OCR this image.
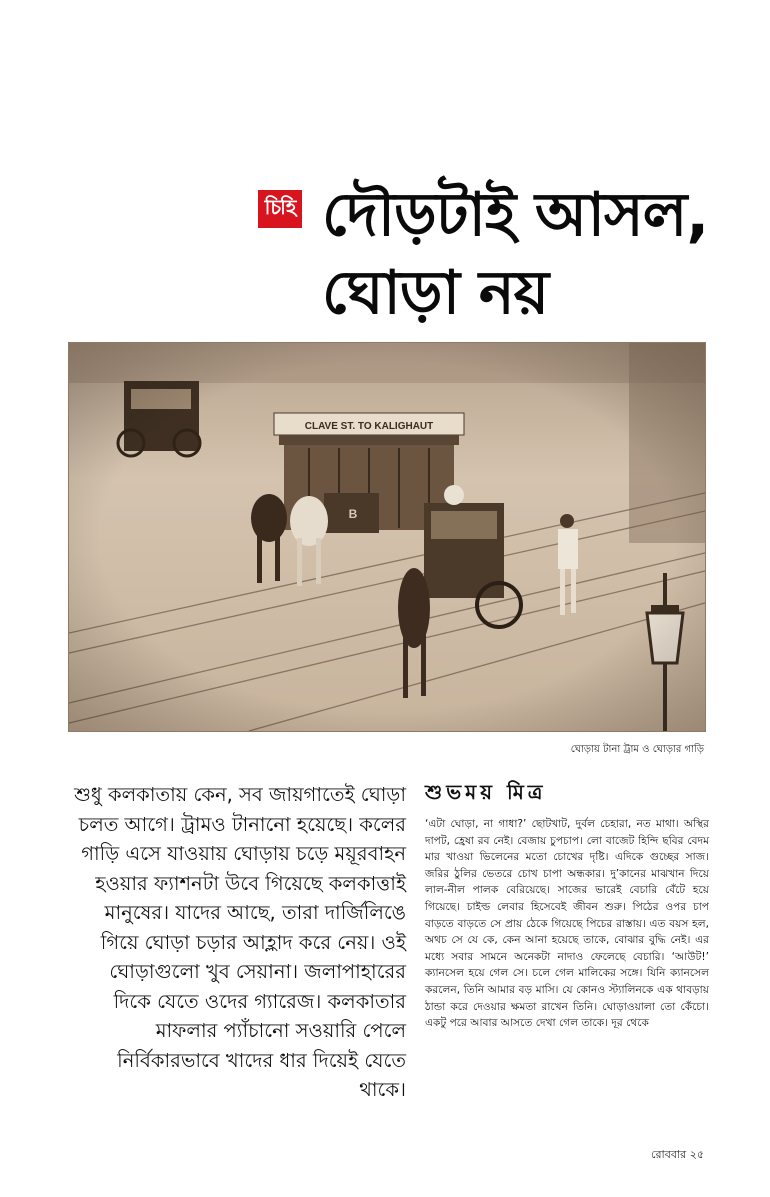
চিহি দৌড়টাই আসল,
ঘোড়া নয়
ঘোড়ায় টানা ট্রাম ও ঘোড়ার গাড়ি

শুধু কলকাতায় কেন, সব জায়গাতেই ঘোড়া চলত আগে। ট্রামও টানানো হয়েছে। কলের গাড়ি এসে যাওয়ায় ঘোড়ায় চড়ে ময়ূরবাহন হওয়ার ফ্যাশনটা উবে গিয়েছে কলকাত্তাই মানুষের। যাদের আছে, তারা দার্জিলিঙে গিয়ে ঘোড়া চড়ার আহ্লাদ করে নেয়। ওই ঘোড়াগুলো খুব সেয়ানা। জলাপাহারের দিকে যেতে ওদের গ্যারেজ। কলকাতার মাফলার প্যাঁচানো সওয়ারি পেলে নির্বিকারভাবে খাদের ধার দিয়েই যেতে থাকে।

শুভময় মিত্র

‘এটা ঘোড়া, না গাধা?’ ছোটখাট, দুর্বল চেহারা, নত মাথা। অস্থির দাপট, হ্রেষা রব নেই। বেজায় চুপচাপ। লো বাজেট হিন্দি ছবির বেদম মার খাওয়া ভিলেনের মতো চোখের দৃষ্টি। এদিকে গুচ্ছের সাজ। জরির ঠুলির ভেতরে চোখ চাপা অন্ধকার। দু’কানের মাঝখান দিয়ে লাল-নীল পালক বেরিয়েছে। সাজের ভারেই বেচারি বেঁটে হয়ে গিয়েছে। চাইল্ড লেবার হিসেবেই জীবন শুরু। পিঠের ওপর চাপ বাড়তে বাড়তে সে প্রায় ঠেকে গিয়েছে পিচের রাস্তায়। এত বয়স হল, অথচ সে যে কে, কেন আনা হয়েছে তাকে, বোঝার বুদ্ধি নেই। এর মধ্যে সবার সামনে অনেকটা নাদাও ফেলেছে বেচারি। ‘আউট!’ ক্যানসেল হয়ে গেল সে। চলে গেল মালিকের সঙ্গে। যিনি ক্যানসেল করলেন, তিনি আমার বড় মাসি। যে কোনও স্ট্যালিনকে এক থাবড়ায় ঠান্ডা করে দেওয়ার ক্ষমতা রাখেন তিনি। ঘোড়াওয়ালা তো কেঁচো। একটু পরে আবার আসতে দেখা গেল তাকে। দূর থেকে

রোববার ২৫
